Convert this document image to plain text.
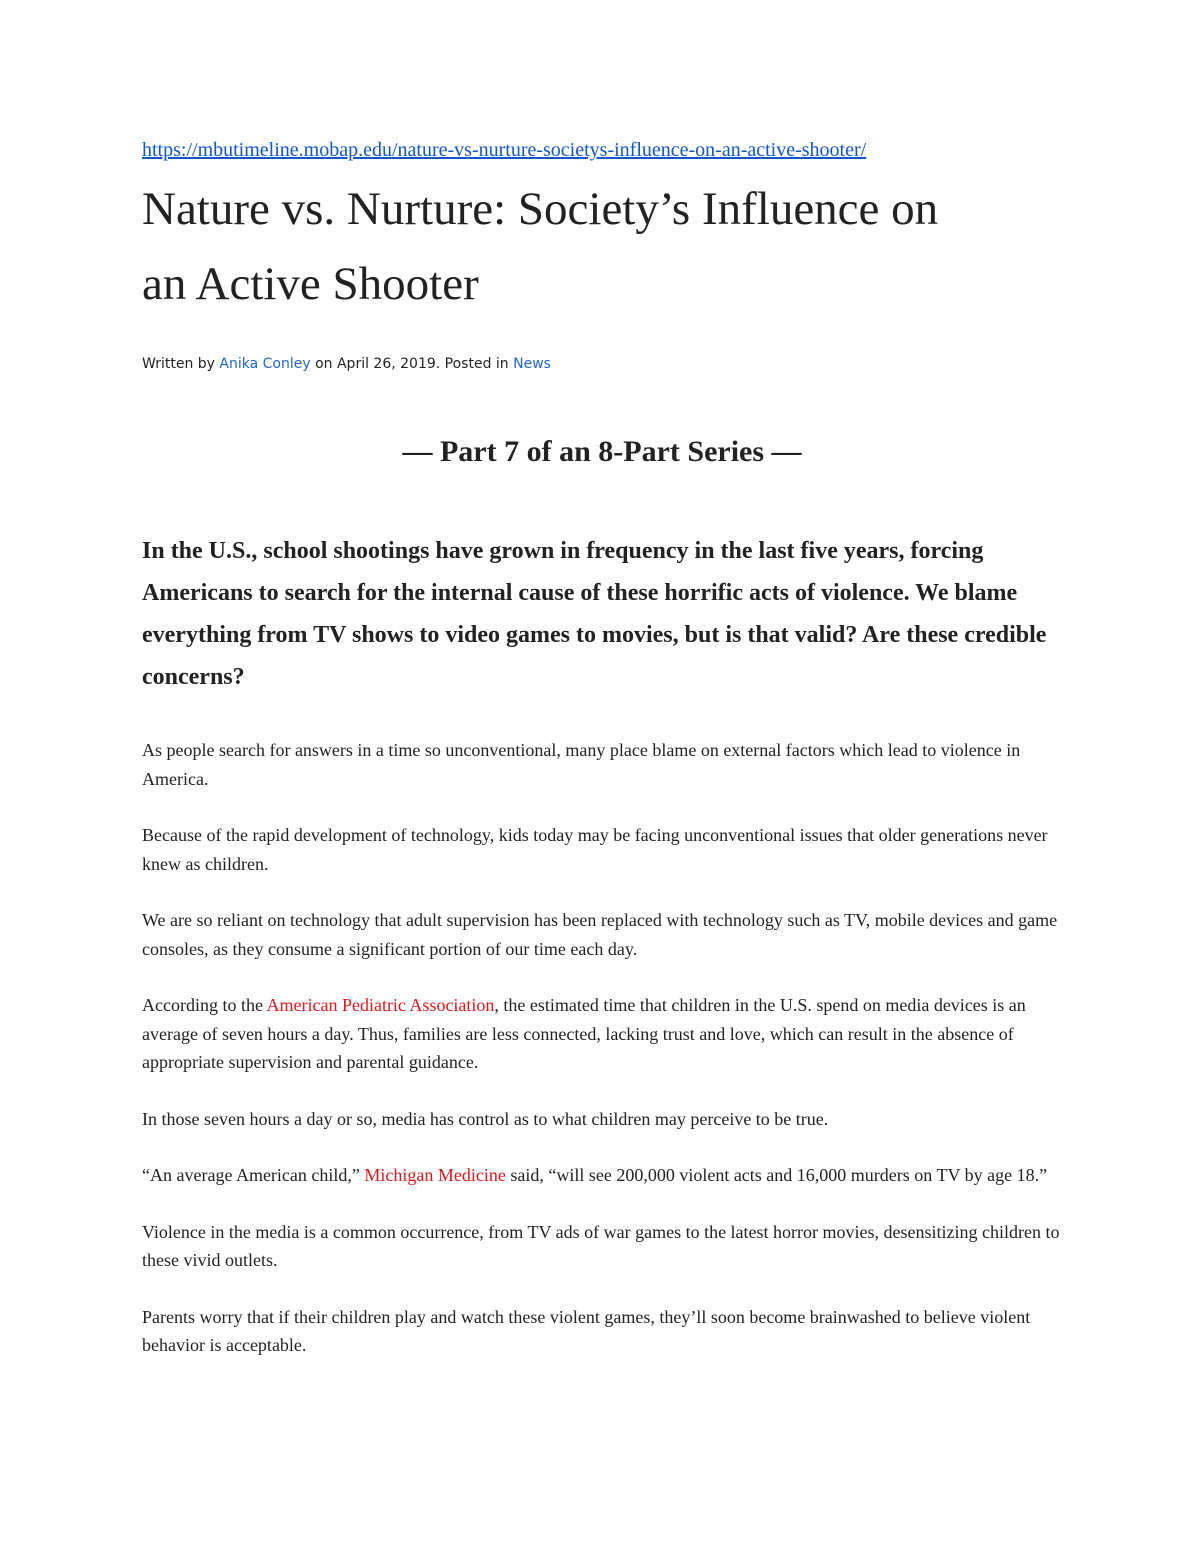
https://mbutimeline.mobap.edu/nature-vs-nurture-societys-influence-on-an-active-shooter/
Nature vs. Nurture: Society’s Influence on
an Active Shooter
Written by Anika Conley on April 26, 2019. Posted in News
— Part 7 of an 8-Part Series —
In the U.S., school shootings have grown in frequency in the last five years, forcing Americans to search for the internal cause of these horrific acts of violence. We blame everything from TV shows to video games to movies, but is that valid? Are these credible concerns?

As people search for answers in a time so unconventional, many place blame on external factors which lead to violence in America.

Because of the rapid development of technology, kids today may be facing unconventional issues that older generations never knew as children.

We are so reliant on technology that adult supervision has been replaced with technology such as TV, mobile devices and game consoles, as they consume a significant portion of our time each day.

According to the American Pediatric Association, the estimated time that children in the U.S. spend on media devices is an average of seven hours a day. Thus, families are less connected, lacking trust and love, which can result in the absence of appropriate supervision and parental guidance.

In those seven hours a day or so, media has control as to what children may perceive to be true.

“An average American child,” Michigan Medicine said, “will see 200,000 violent acts and 16,000 murders on TV by age 18.”

Violence in the media is a common occurrence, from TV ads of war games to the latest horror movies, desensitizing children to these vivid outlets.

Parents worry that if their children play and watch these violent games, they’ll soon become brainwashed to believe violent behavior is acceptable.
